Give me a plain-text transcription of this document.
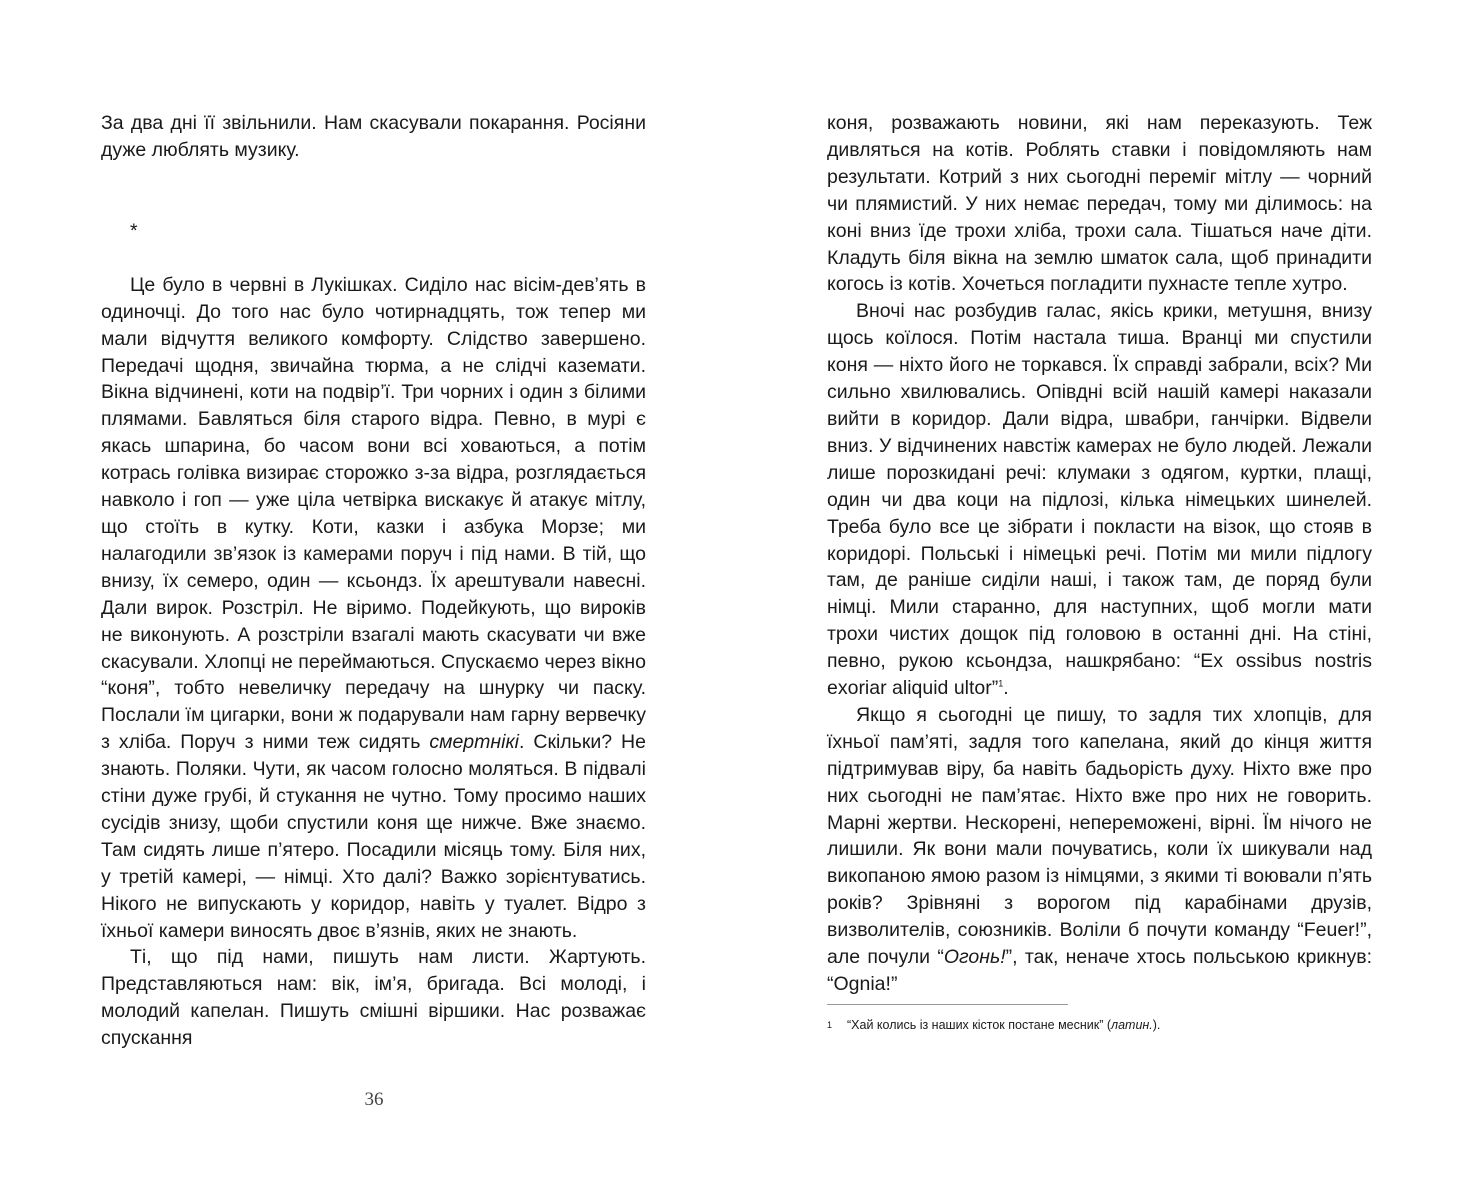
За два дні її звільнили. Нам скасували покарання. Росіяни дуже люблять музику.

*

Це було в червні в Лукішках. Сиділо нас вісім-дев’ять в одиночці. До того нас було чотирнадцять, тож тепер ми мали відчуття великого комфорту. Слідство завершено. Передачі щодня, звичайна тюрма, а не слідчі каземати. Вікна відчинені, коти на подвір’ї. Три чорних і один з білими плямами. Бавляться біля старого відра. Певно, в мурі є якась шпарина, бо часом вони всі ховаються, а потім котрась голівка визирає сторожко з-за відра, розглядається навколо і гоп — уже ціла четвірка вискакує й атакує мітлу, що стоїть в кутку. Коти, казки і азбука Морзе; ми налагодили зв’язок із камерами поруч і під нами. В тій, що внизу, їх семеро, один — ксьондз. Їх арештували навесні. Дали вирок. Розстріл. Не віримо. Подейкують, що вироків не виконують. А розстріли взагалі мають скасувати чи вже скасували. Хлопці не переймаються. Спускаємо через вікно “коня”, тобто невеличку передачу на шнурку чи паску. Послали їм цигарки, вони ж подарували нам гарну вервечку з хліба. Поруч з ними теж сидять смертнікі. Скільки? Не знають. Поляки. Чути, як часом голосно моляться. В підвалі стіни дуже грубі, й стукання не чутно. Тому просимо наших сусідів знизу, щоби спустили коня ще нижче. Вже знаємо. Там сидять лише п’ятеро. Посадили місяць тому. Біля них, у третій камері, — німці. Хто далі? Важко зорієнтуватись. Нікого не випускають у коридор, навіть у туалет. Відро з їхньої камери виносять двоє в’язнів, яких не знають.

Ті, що під нами, пишуть нам листи. Жартують. Представляються нам: вік, ім’я, бригада. Всі молоді, і молодий капелан. Пишуть смішні віршики. Нас розважає спускання

36

коня, розважають новини, які нам переказують. Теж дивляться на котів. Роблять ставки і повідомляють нам результати. Котрий з них сьогодні переміг мітлу — чорний чи плямистий. У них немає передач, тому ми ділимось: на коні вниз їде трохи хліба, трохи сала. Тішаться наче діти. Кладуть біля вікна на землю шматок сала, щоб принадити когось із котів. Хочеться погладити пухнасте тепле хутро.

Вночі нас розбудив галас, якісь крики, метушня, внизу щось коїлося. Потім настала тиша. Вранці ми спустили коня — ніхто його не торкався. Їх справді забрали, всіх? Ми сильно хвилювались. Опівдні всій нашій камері наказали вийти в коридор. Дали відра, швабри, ганчірки. Відвели вниз. У відчинених навстіж камерах не було людей. Лежали лише порозкидані речі: клумаки з одягом, куртки, плащі, один чи два коци на підлозі, кілька німецьких шинелей. Треба було все це зібрати і покласти на візок, що стояв в коридорі. Польські і німецькі речі. Потім ми мили підлогу там, де раніше сиділи наші, і також там, де поряд були німці. Мили старанно, для наступних, щоб могли мати трохи чистих дощок під головою в останні дні. На стіні, певно, рукою ксьондза, нашкрябано: “Ex ossibus nostris exoriar aliquid ultor”$^1$.

Якщо я сьогодні це пишу, то задля тих хлопців, для їхньої пам’яті, задля того капелана, який до кінця життя підтримував віру, ба навіть бадьорість духу. Ніхто вже про них сьогодні не пам’ятає. Ніхто вже про них не говорить. Марні жертви. Нескорені, непереможені, вірні. Їм нічого не лишили. Як вони мали почуватись, коли їх шикували над викопаною ямою разом із німцями, з якими ті воювали п’ять років? Зрівняні з ворогом під карабінами друзів, визволителів, союзників. Воліли б почути команду “Feuer!”, але почули “Огонь!”, так, неначе хтось польською крикнув: “Ognia!”

1 “Хай колись із наших кісток постане месник” (латин.).
